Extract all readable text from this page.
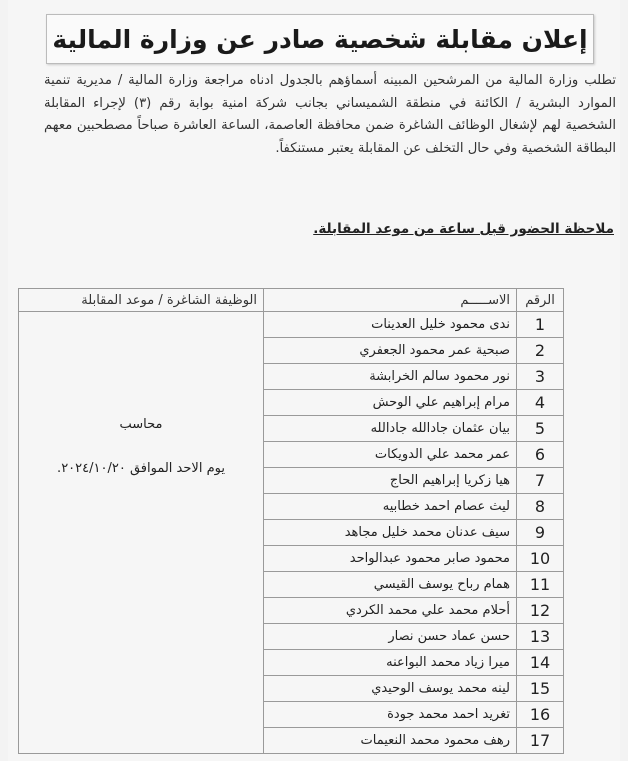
إعلان مقابلة شخصية صادر عن وزارة المالية
تطلب وزارة المالية من المرشحين المبينه أسماؤهم بالجدول ادناه مراجعة وزارة المالية / مديرية تنمية الموارد البشرية / الكائنة في منطقة الشميساني بجانب شركة امنية بوابة رقم (٣) لإجراء المقابلة الشخصية لهم لإشغال الوظائف الشاغرة ضمن محافظة العاصمة، الساعة العاشرة صباحاً مصطحبين معهم البطاقة الشخصية وفي حال التخلف عن المقابلة يعتبر مستنكفاً.
ملاحظة الحضور قبل ساعة من موعد المقابلة.
الرقم	الاســـــم	الوظيفة الشاغرة / موعد المقابلة
1	ندى محمود خليل العدينات	محاسب
يوم الاحد الموافق ٢٠٢٤/١٠/٢٠.

2	صبحية عمر محمود الجعفري	
3	نور محمود سالم الخرابشة	
4	مرام إبراهيم علي الوحش	
5	بيان عثمان جادالله جادالله	
6	عمر محمد علي الدويكات	
7	هيا زكريا إبراهيم الحاج	
8	ليث عصام احمد خطابيه	
9	سيف عدنان محمد خليل مجاهد	
10	محمود صابر محمود عبدالواحد	
11	همام رباح يوسف القيسي	
12	أحلام محمد علي محمد الكردي	
13	حسن عماد حسن نصار	
14	ميرا زياد محمد البواعنه	
15	لينه محمد يوسف الوحيدي	
16	تغريد احمد محمد جودة	
17	رهف محمود محمد النعيمات	
